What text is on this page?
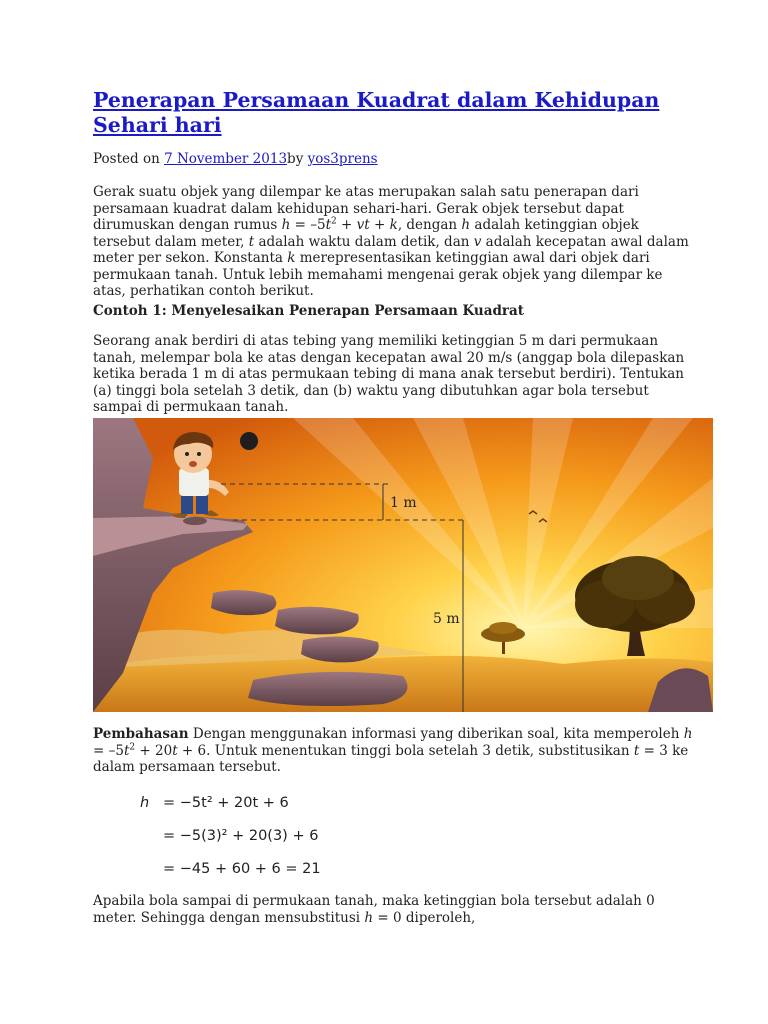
Penerapan Persamaan Kuadrat dalam Kehidupan Sehari hari
Posted on 7 November 2013by yos3prens

Gerak suatu objek yang dilempar ke atas merupakan salah satu penerapan dari persamaan kuadrat dalam kehidupan sehari-hari. Gerak objek tersebut dapat dirumuskan dengan rumus $h = -5t^2$ + vt + k, dengan h adalah ketinggian objek tersebut dalam meter, t adalah waktu dalam detik, dan v adalah kecepatan awal dalam meter per sekon. Konstanta k merepresentasikan ketinggian awal dari objek dari permukaan tanah. Untuk lebih memahami mengenai gerak objek yang dilempar ke atas, perhatikan contoh berikut.

Contoh 1: Menyelesaikan Penerapan Persamaan Kuadrat

Seorang anak berdiri di atas tebing yang memiliki ketinggian 5 m dari permukaan tanah, melempar bola ke atas dengan kecepatan awal 20 m/s (anggap bola dilepaskan ketika berada 1 m di atas permukaan tebing di mana anak tersebut berdiri). Tentukan (a) tinggi bola setelah 3 detik, dan (b) waktu yang dibutuhkan agar bola tersebut sampai di permukaan tanah.

1 m
5 m

Pembahasan Dengan menggunakan informasi yang diberikan soal, kita memperoleh $h = -5t^2 + 20t + 6$. Untuk menentukan tinggi bola setelah 3 detik, substitusikan t = 3 ke dalam persamaan tersebut.

h = −5t² + 20t + 6
= −5(3)² + 20(3) + 6
= −45 + 60 + 6 = 21

Apabila bola sampai di permukaan tanah, maka ketinggian bola tersebut adalah 0 meter. Sehingga dengan mensubstitusi h = 0 diperoleh,
